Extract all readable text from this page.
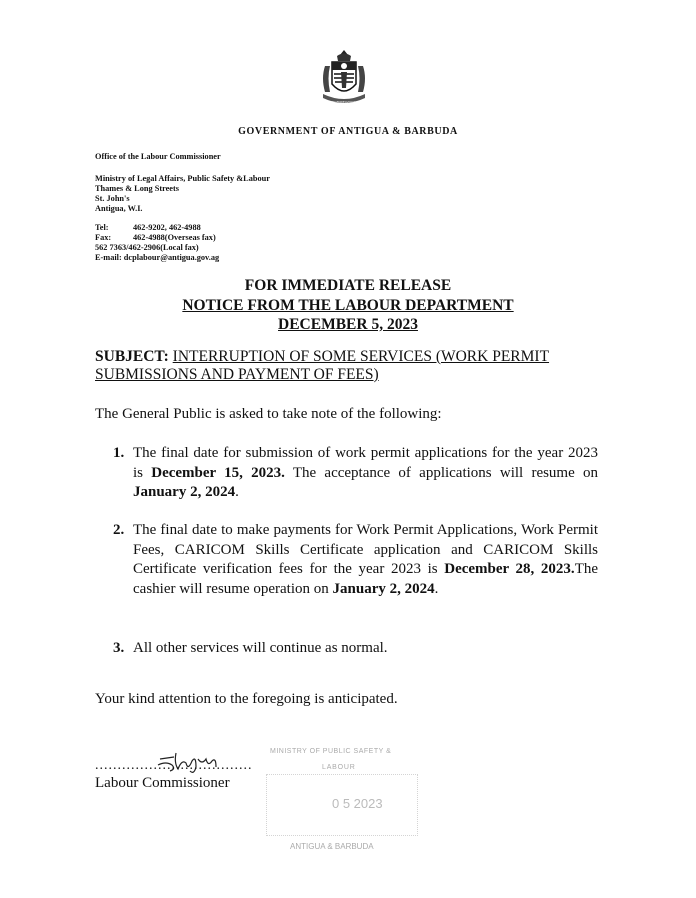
EACH ENDEAVOURING
GOVERNMENT OF ANTIGUA & BARBUDA
Office of the Labour Commissioner
Ministry of Legal Affairs, Public Safety &Labour
Thames & Long Streets
St. John's
Antigua, W.I.
Tel:	462-9202, 462-4988
Fax:	462-4988(Overseas fax)
562 7363/462-2906(Local fax)
E-mail: dcplabour@antigua.gov.ag
FOR IMMEDIATE RELEASE
NOTICE FROM THE LABOUR DEPARTMENT
DECEMBER 5, 2023
SUBJECT: INTERRUPTION OF SOME SERVICES (WORK PERMIT SUBMISSIONS AND PAYMENT OF FEES)
The General Public is asked to take note of the following:
1. The final date for submission of work permit applications for the year 2023 is December 15, 2023. The acceptance of applications will resume on January 2, 2024.
2. The final date to make payments for Work Permit Applications, Work Permit Fees, CARICOM Skills Certificate application and CARICOM Skills Certificate verification fees for the year 2023 is December 28, 2023.The cashier will resume operation on January 2, 2024.
3. All other services will continue as normal.
Your kind attention to the foregoing is anticipated.
...................................
Labour Commissioner
MINISTRY OF PUBLIC SAFETY &
LABOUR
0 5 2023
ANTIGUA & BARBUDA
